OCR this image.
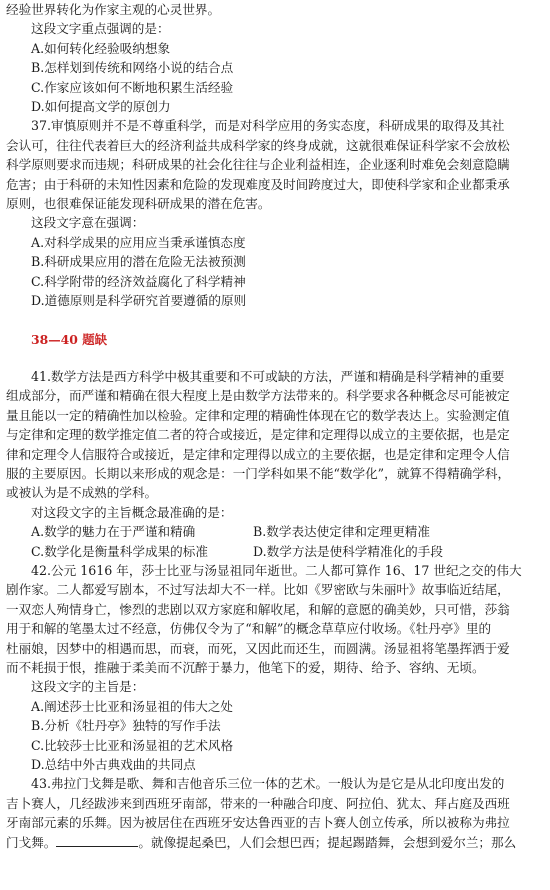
经验世界转化为作家主观的心灵世界。

这段文字重点强调的是：

A.如何转化经验吸纳想象

B.怎样划到传统和网络小说的结合点

C.作家应该如何不断地积累生活经验

D.如何提高文学的原创力

37.审慎原则并不是不尊重科学，而是对科学应用的务实态度，科研成果的取得及其社

会认可，往往代表着巨大的经济利益共成科学家的终身成就，这就很难保证科学家不会放松

科学原则要求而违规；科研成果的社会化往往与企业利益相连，企业逐利时难免会刻意隐瞒

危害；由于科研的未知性因素和危险的发现难度及时间跨度过大，即使科学家和企业都秉承

原则，也很难保证能发现科研成果的潜在危害。

这段文字意在强调：

A.对科学成果的应用应当秉承谨慎态度

B.科研成果应用的潜在危险无法被预测

C.科学附带的经济效益腐化了科学精神

D.道德原则是科学研究首要遵循的原则

38—40 题缺

41.数学方法是西方科学中极其重要和不可或缺的方法，严谨和精确是科学精神的重要

组成部分，而严谨和精确在很大程度上是由数学方法带来的。科学要求各种概念尽可能被定

量且能以一定的精确性加以检验。定律和定理的精确性体现在它的数学表达上。实验测定值

与定律和定理的数学推定值二者的符合或接近，是定律和定理得以成立的主要依据，也是定

律和定理令人信服符合或接近，是定律和定理得以成立的主要依据，也是定律和定理令人信

服的主要原因。长期以来形成的观念是：一门学科如果不能“数学化”，就算不得精确学科，

或被认为是不成熟的学科。

对这段文字的主旨概念最准确的是：

A.数学的魅力在于严谨和精确	B.数学表达使定律和定理更精准
C.数学化是衡量科学成果的标准	D.数学方法是使科学精准化的手段

42.公元 1616 年，莎士比亚与汤显祖同年逝世。二人都可算作 16、17 世纪之交的伟大

剧作家。二人都爱写剧本，不过写法却大不一样。比如《罗密欧与朱丽叶》故事临近结尾，

一双恋人殉情身亡，惨烈的悲剧以双方家庭和解收尾，和解的意愿的确美妙，只可惜，莎翁

用于和解的笔墨太过不经意，仿佛仅令为了“和解”的概念草草应付收场。《牡丹亭》里的

杜丽娘，因梦中的相遇而思，而衰，而死，又因此而还生，而圆满。汤显祖将笔墨挥洒于爱

而不耗损于恨，推融于柔美而不沉醉于暴力，他笔下的爱，期待、给予、容纳、无顷。

这段文字的主旨是：

A.阐述莎士比亚和汤显祖的伟大之处

B.分析《牡丹亭》独特的写作手法

C.比较莎士比亚和汤显祖的艺术风格

D.总结中外古典戏曲的共同点

43.弗拉门戈舞是歌、舞和吉他音乐三位一体的艺术。一般认为是它是从北印度出发的

吉卜赛人，几经跋涉来到西班牙南部，带来的一种融合印度、阿拉伯、犹太、拜占庭及西班

牙南部元素的乐舞。因为被居住在西班牙安达鲁西亚的吉卜赛人创立传承，所以被称为弗拉

门戈舞。	。就像提起桑巴，人们会想巴西；提起踢踏舞，会想到爱尔兰；那么
